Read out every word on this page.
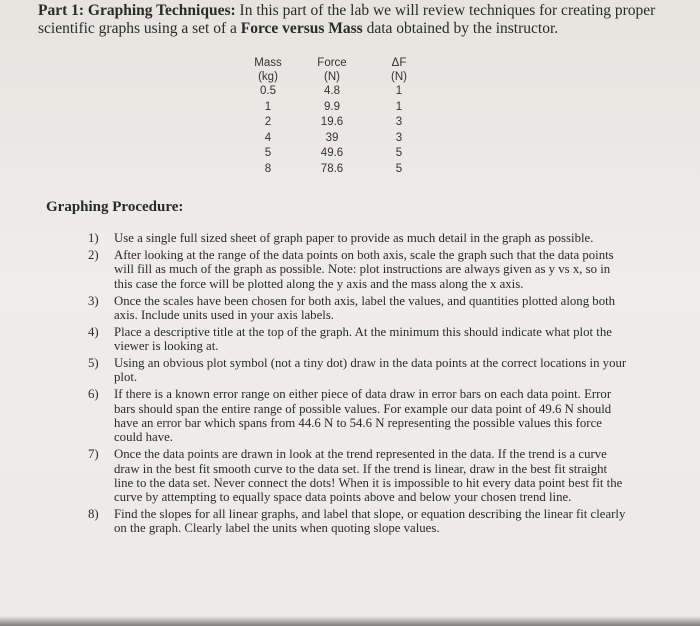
Part 1: Graphing Techniques: In this part of the lab we will review techniques for creating proper scientific graphs using a set of a Force versus Mass data obtained by the instructor.
Mass
(kg)
0.5
1
2
4
5
8
Force
(N)
4.8
9.9
19.6
39
49.6
78.6
ΔF
(N)
1
1
3
3
5
5
Graphing Procedure:
1) Use a single full sized sheet of graph paper to provide as much detail in the graph as possible.
2) After looking at the range of the data points on both axis, scale the graph such that the data points will fill as much of the graph as possible. Note: plot instructions are always given as y vs x, so in this case the force will be plotted along the y axis and the mass along the x axis.
3) Once the scales have been chosen for both axis, label the values, and quantities plotted along both axis. Include units used in your axis labels.
4) Place a descriptive title at the top of the graph. At the minimum this should indicate what plot the viewer is looking at.
5) Using an obvious plot symbol (not a tiny dot) draw in the data points at the correct locations in your plot.
6) If there is a known error range on either piece of data draw in error bars on each data point. Error bars should span the entire range of possible values. For example our data point of 49.6 N should have an error bar which spans from 44.6 N to 54.6 N representing the possible values this force could have.
7) Once the data points are drawn in look at the trend represented in the data. If the trend is a curve draw in the best fit smooth curve to the data set. If the trend is linear, draw in the best fit straight line to the data set. Never connect the dots! When it is impossible to hit every data point best fit the curve by attempting to equally space data points above and below your chosen trend line.
8) Find the slopes for all linear graphs, and label that slope, or equation describing the linear fit clearly on the graph. Clearly label the units when quoting slope values.
